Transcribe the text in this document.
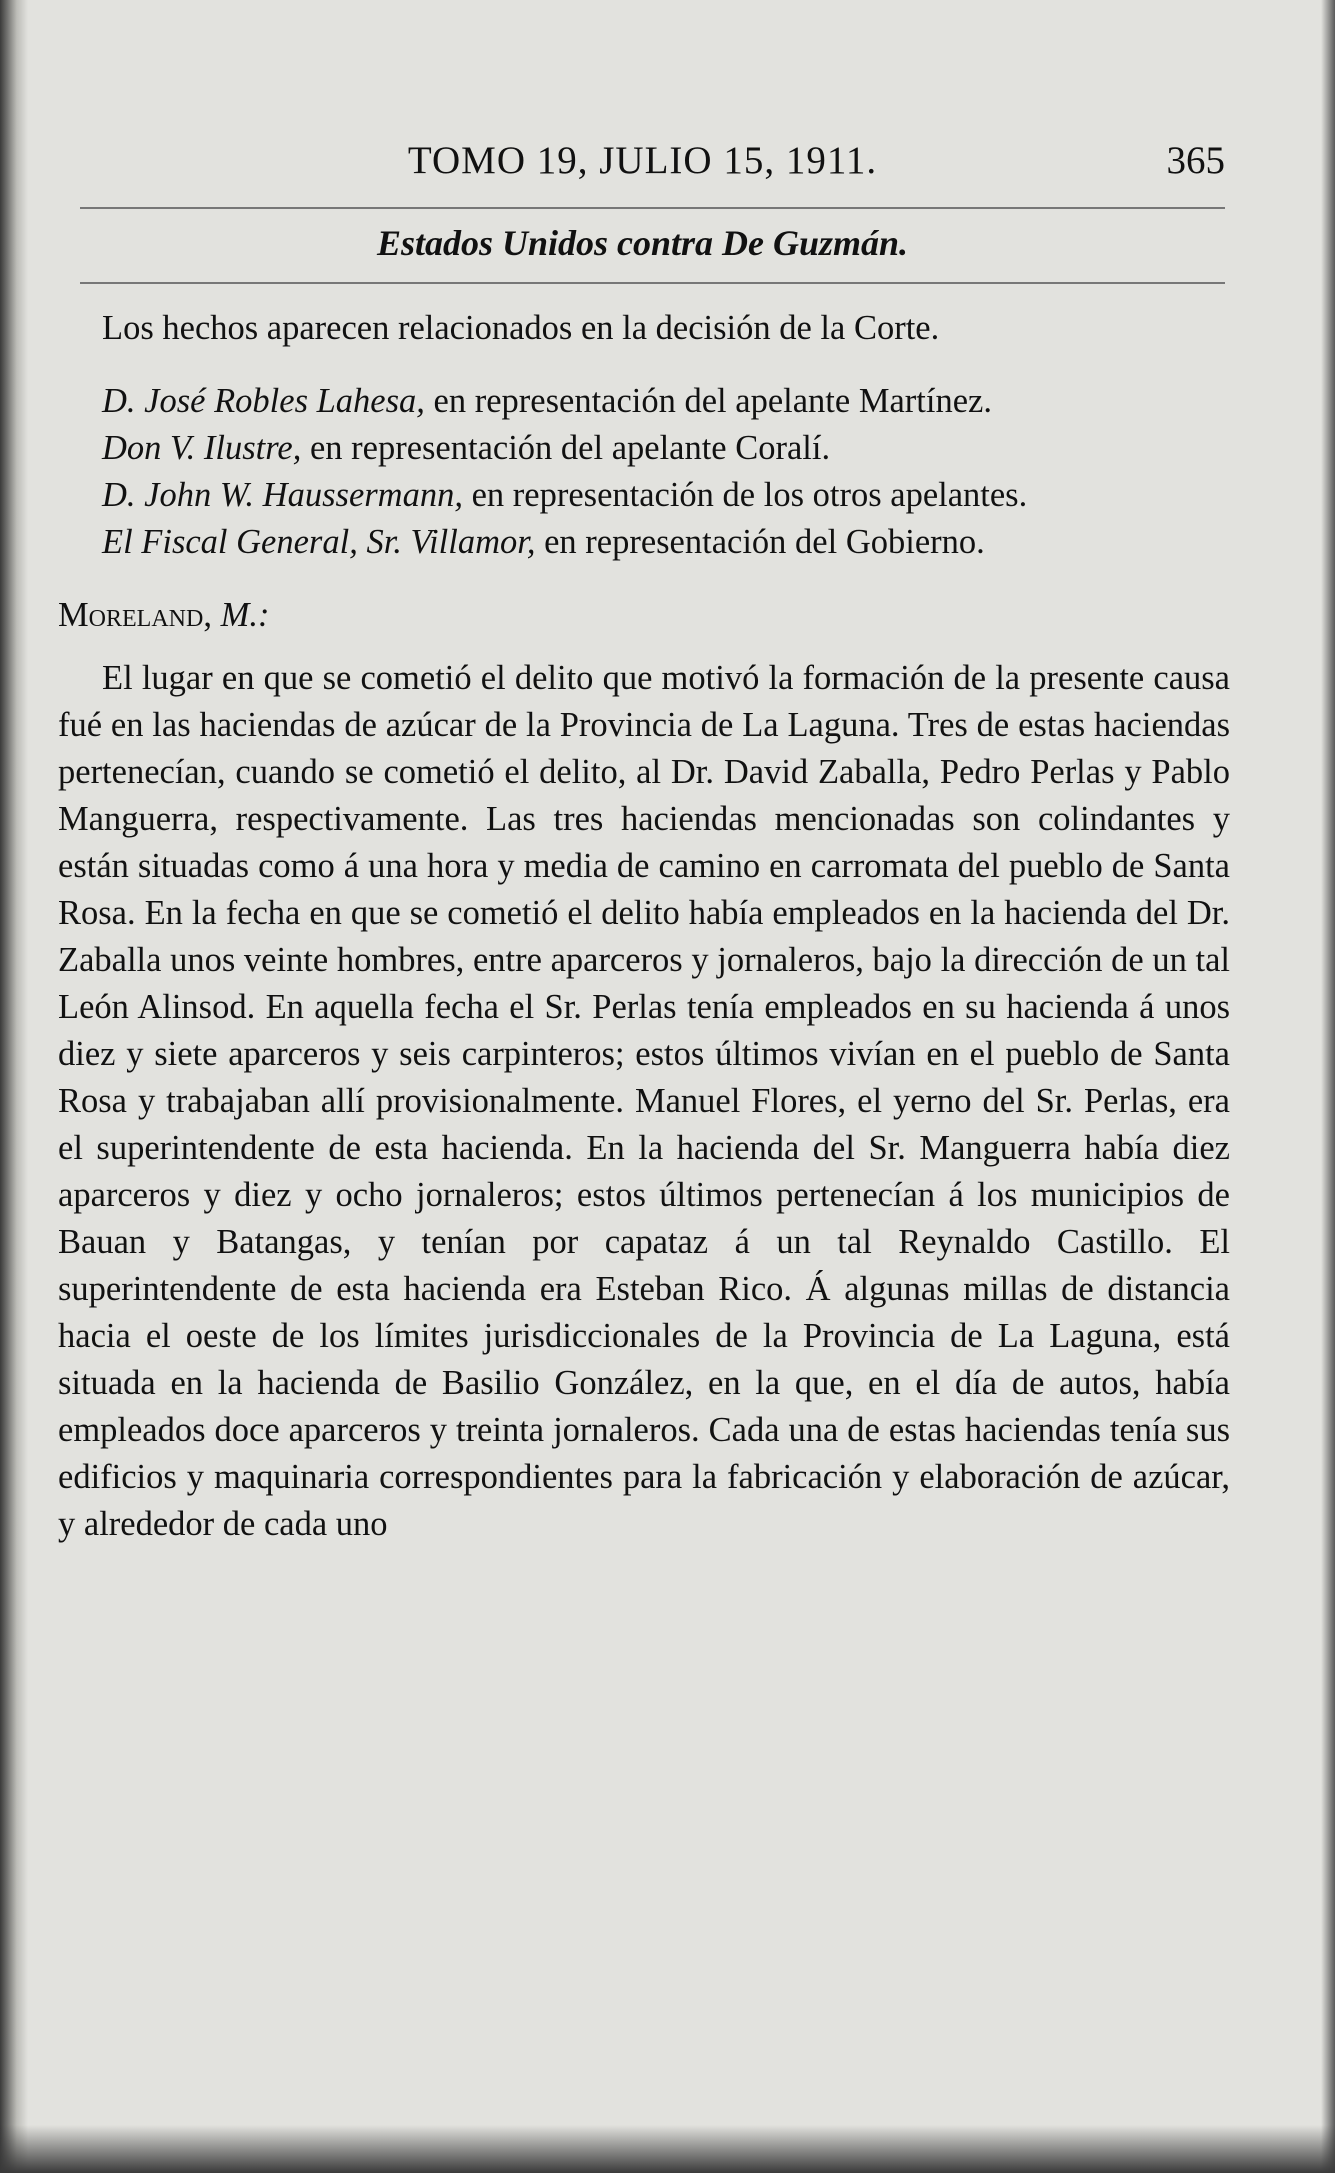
TOMO 19, JULIO 15, 1911.	365
Estados Unidos contra De Guzmán.

Los hechos aparecen relacionados en la decisión de la Corte.

D. José Robles Lahesa, en representación del apelante Martínez.

Don V. Ilustre, en representación del apelante Coralí.

D. John W. Haussermann, en representación de los otros apelantes.

El Fiscal General, Sr. Villamor, en representación del Gobierno.

Moreland, M.:

El lugar en que se cometió el delito que motivó la formación de la presente causa fué en las haciendas de azúcar de la Provincia de La Laguna. Tres de estas haciendas pertenecían, cuando se cometió el delito, al Dr. David Zaballa, Pedro Perlas y Pablo Manguerra, respectivamente. Las tres haciendas mencionadas son colindantes y están situadas como á una hora y media de camino en carromata del pueblo de Santa Rosa. En la fecha en que se cometió el delito había empleados en la hacienda del Dr. Zaballa unos veinte hombres, entre aparceros y jornaleros, bajo la dirección de un tal León Alinsod. En aquella fecha el Sr. Perlas tenía empleados en su hacienda á unos diez y siete aparceros y seis carpinteros; estos últimos vivían en el pueblo de Santa Rosa y trabajaban allí provisionalmente. Manuel Flores, el yerno del Sr. Perlas, era el superintendente de esta hacienda. En la hacienda del Sr. Manguerra había diez aparceros y diez y ocho jornaleros; estos últimos pertenecían á los municipios de Bauan y Batangas, y tenían por capataz á un tal Reynaldo Castillo. El superintendente de esta hacienda era Esteban Rico. Á algunas millas de distancia hacia el oeste de los límites jurisdiccionales de la Provincia de La Laguna, está situada en la hacienda de Basilio González, en la que, en el día de autos, había empleados doce aparceros y treinta jornaleros. Cada una de estas haciendas tenía sus edificios y maquinaria correspondientes para la fabricación y elaboración de azúcar, y alrededor de cada uno
